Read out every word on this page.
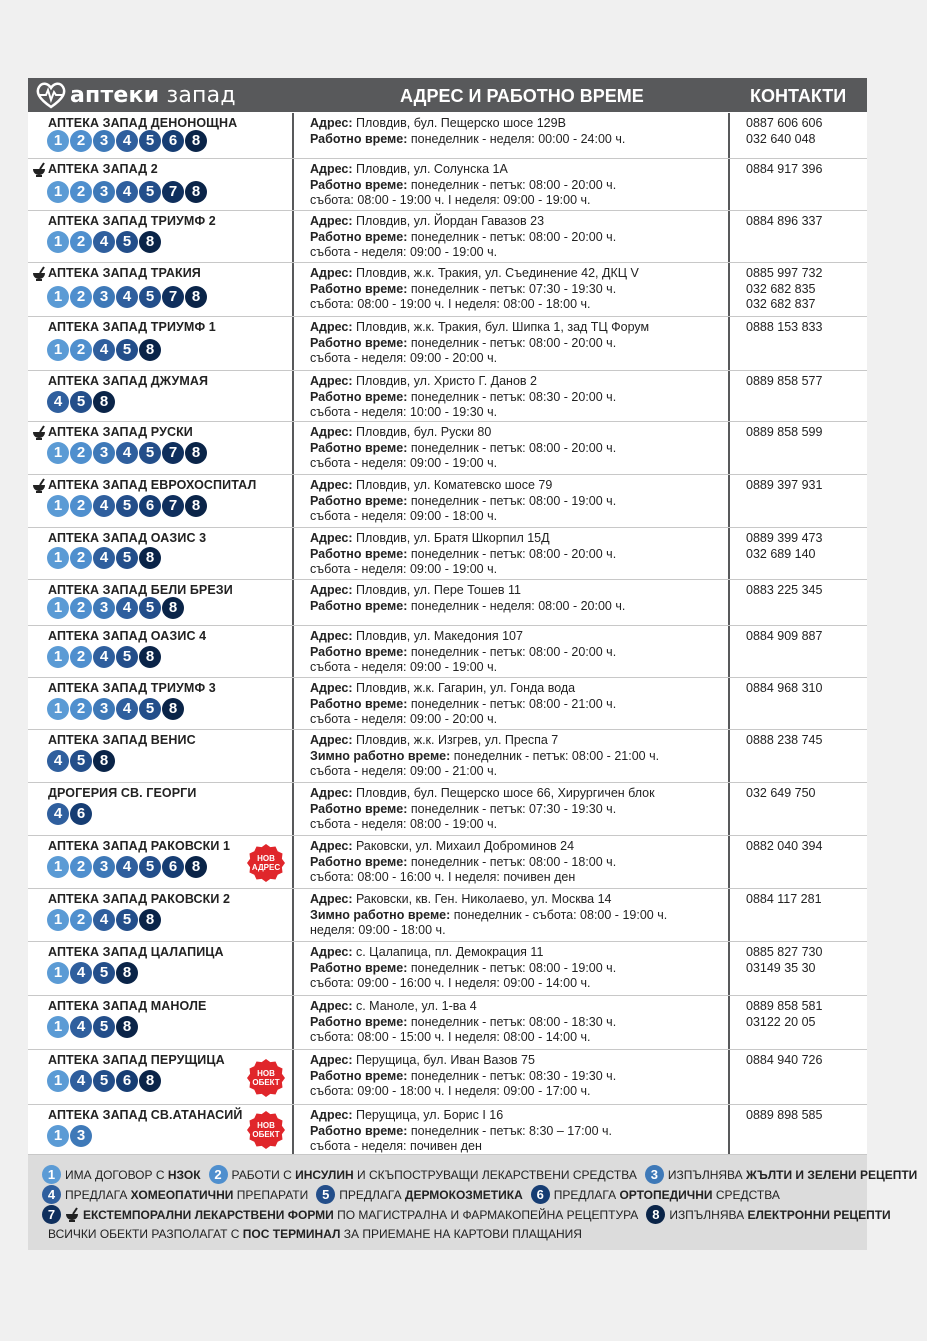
аптеки запад	АДРЕС И РАБОТНО ВРЕМЕ	КОНТАКТИ
АПТЕКА ЗАПАД ДЕНОНОЩНА
1 2 3 4 5 6 8
Адрес: Пловдив, бул. Пещерско шосе 129В
Работно време: понеделник - неделя: 00:00 - 24:00 ч.
0887 606 606
032 640 048
АПТЕКА ЗАПАД 2
1 2 3 4 5 7 8
Адрес: Пловдив, ул. Солунска 1А
Работно време: понеделник - петък: 08:00 - 20:00 ч.
събота: 08:00 - 19:00 ч. I неделя: 09:00 - 19:00 ч.
0884 917 396
АПТЕКА ЗАПАД ТРИУМФ 2
1 2 4 5 8
Адрес: Пловдив, ул. Йордан Гавазов 23
Работно време: понеделник - петък: 08:00 - 20:00 ч.
събота - неделя: 09:00 - 19:00 ч.
0884 896 337
АПТЕКА ЗАПАД ТРАКИЯ
1 2 3 4 5 7 8
Адрес: Пловдив, ж.к. Тракия, ул. Съединение 42, ДКЦ V
Работно време: понеделник - петък: 07:30 - 19:30 ч.
събота: 08:00 - 19:00 ч. I неделя: 08:00 - 18:00 ч.
0885 997 732
032 682 835
032 682 837
АПТЕКА ЗАПАД ТРИУМФ 1
1 2 4 5 8
Адрес: Пловдив, ж.к. Тракия, бул. Шипка 1, зад ТЦ Форум
Работно време: понеделник - петък: 08:00 - 20:00 ч.
събота - неделя: 09:00 - 20:00 ч.
0888 153 833
АПТЕКА ЗАПАД ДЖУМАЯ
4 5 8
Адрес: Пловдив, ул. Христо Г. Данов 2
Работно време: понеделник - петък: 08:30 - 20:00 ч.
събота - неделя: 10:00 - 19:30 ч.
0889 858 577
АПТЕКА ЗАПАД РУСКИ
1 2 3 4 5 7 8
Адрес: Пловдив, бул. Руски 80
Работно време: понеделник - петък: 08:00 - 20:00 ч.
събота - неделя: 09:00 - 19:00 ч.
0889 858 599
АПТЕКА ЗАПАД ЕВРОХОСПИТАЛ
1 2 4 5 6 7 8
Адрес: Пловдив, ул. Коматевско шосе 79
Работно време: понеделник - петък: 08:00 - 19:00 ч.
събота - неделя: 09:00 - 18:00 ч.
0889 397 931
АПТЕКА ЗАПАД ОАЗИС 3
1 2 4 5 8
Адрес: Пловдив, ул. Братя Шкорпил 15Д
Работно време: понеделник - петък: 08:00 - 20:00 ч.
събота - неделя: 09:00 - 19:00 ч.
0889 399 473
032 689 140
АПТЕКА ЗАПАД БЕЛИ БРЕЗИ
1 2 3 4 5 8
Адрес: Пловдив, ул. Пере Тошев 11
Работно време: понеделник - неделя: 08:00 - 20:00 ч.
0883 225 345
АПТЕКА ЗАПАД ОАЗИС 4
1 2 4 5 8
Адрес: Пловдив, ул. Македония 107
Работно време: понеделник - петък: 08:00 - 20:00 ч.
събота - неделя: 09:00 - 19:00 ч.
0884 909 887
АПТЕКА ЗАПАД ТРИУМФ 3
1 2 3 4 5 8
Адрес: Пловдив, ж.к. Гагарин, ул. Гонда вода
Работно време: понеделник - петък: 08:00 - 21:00 ч.
събота - неделя: 09:00 - 20:00 ч.
0884 968 310
АПТЕКА ЗАПАД ВЕНИС
4 5 8
Адрес: Пловдив, ж.к. Изгрев, ул. Преспа 7
Зимно работно време: понеделник - петък: 08:00 - 21:00 ч.
събота - неделя: 09:00 - 21:00 ч.
0888 238 745
ДРОГЕРИЯ СВ. ГЕОРГИ
4 6
Адрес: Пловдив, бул. Пещерско шосе 66, Хирургичен блок
Работно време: понеделник - петък: 07:30 - 19:30 ч.
събота - неделя: 08:00 - 19:00 ч.
032 649 750
АПТЕКА ЗАПАД РАКОВСКИ 1
1 2 3 4 5 6 8	НОВ
АДРЕС
Адрес: Раковски, ул. Михаил Доброминов 24
Работно време: понеделник - петък: 08:00 - 18:00 ч.
събота: 08:00 - 16:00 ч. I неделя: почивен ден
0882 040 394
АПТЕКА ЗАПАД РАКОВСКИ 2
1 2 4 5 8
Адрес: Раковски, кв. Ген. Николаево, ул. Москва 14
Зимно работно време: понеделник - събота: 08:00 - 19:00 ч.
неделя: 09:00 - 18:00 ч.
0884 117 281
АПТЕКА ЗАПАД ЦАЛАПИЦА
1 4 5 8
Адрес: с. Цалапица, пл. Демокрация 11
Работно време: понеделник - петък: 08:00 - 19:00 ч.
събота: 09:00 - 16:00 ч. I неделя: 09:00 - 14:00 ч.
0885 827 730
03149 35 30
АПТЕКА ЗАПАД МАНОЛЕ
1 4 5 8
Адрес: с. Маноле, ул. 1-ва 4
Работно време: понеделник - петък: 08:00 - 18:30 ч.
събота: 08:00 - 15:00 ч. I неделя: 08:00 - 14:00 ч.
0889 858 581
03122 20 05
АПТЕКА ЗАПАД ПЕРУЩИЦА
1 4 5 6 8	НОВ
ОБЕКТ
Адрес: Перущица, бул. Иван Вазов 75
Работно време: понеделник - петък: 08:30 - 19:30 ч.
събота: 09:00 - 18:00 ч. I неделя: 09:00 - 17:00 ч.
0884 940 726
АПТЕКА ЗАПАД СВ.АТАНАСИЙ
1 3
НОВ
ОБЕКТ
Адрес: Перущица, ул. Борис I 16
Работно време: понеделник - петък: 8:30 – 17:00 ч.
събота - неделя: почивен ден
0889 898 585
1 ИМА ДОГОВОР С НЗОК	2 РАБОТИ С ИНСУЛИН И СКЪПОСТРУВАЩИ ЛЕКАРСТВЕНИ СРЕДСТВА	3 ИЗПЪЛНЯВА ЖЪЛТИ И ЗЕЛЕНИ РЕЦЕПТИ
4 ПРЕДЛАГА ХОМЕОПАТИЧНИ ПРЕПАРАТИ	5 ПРЕДЛАГА ДЕРМОКОЗМЕТИКА	6 ПРЕДЛАГА ОРТОПЕДИЧНИ СРЕДСТВА
7	ЕКСТЕМПОРАЛНИ ЛЕКАРСТВЕНИ ФОРМИ ПО МАГИСТРАЛНА И ФАРМАКОПЕЙНА РЕЦЕПТУРА	8 ИЗПЪЛНЯВА ЕЛЕКТРОННИ РЕЦЕПТИ
ВСИЧКИ ОБЕКТИ РАЗПОЛАГАТ С ПОС ТЕРМИНАЛ ЗА ПРИЕМАНЕ НА КАРТОВИ ПЛАЩАНИЯ
